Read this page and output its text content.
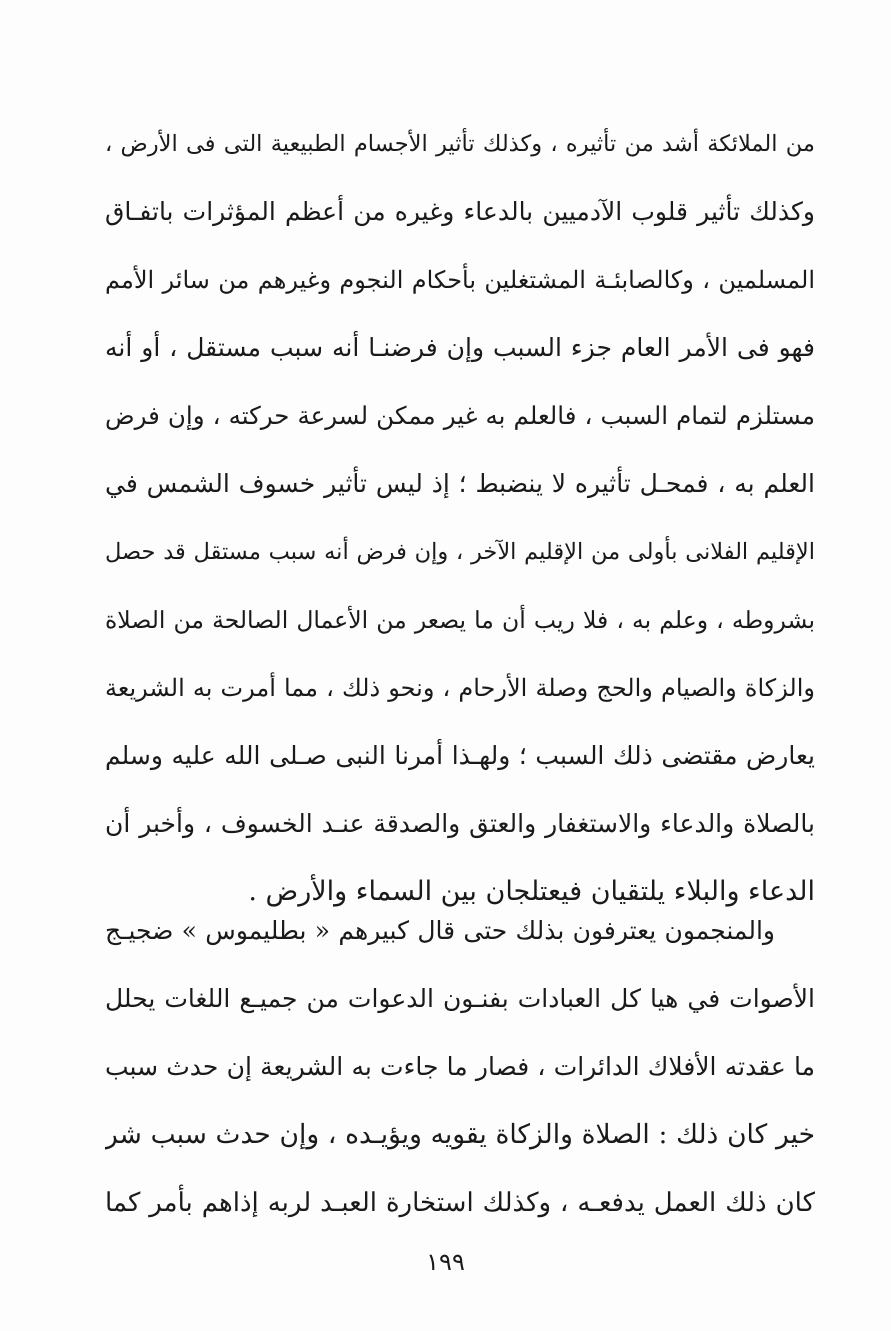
من الملائكة أشد من تأثيره ، وكذلك تأثير الأجسام الطبيعية التى فى الأرض ،
وكذلك تأثير قلوب الآدميين بالدعاء وغيره من أعظم المؤثرات باتفـاق
المسلمين ، وكالصابئـة المشتغلين بأحكام النجوم وغيرهم من سائر الأمم
فهو فى الأمر العام جزء السبب وإن فرضنـا أنه سبب مستقل ، أو أنه
مستلزم لتمام السبب ، فالعلم به غير ممكن لسرعة حركته ، وإن فرض
العلم به ، فمحـل تأثيره لا ينضبط ؛ إذ ليس تأثير خسوف الشمس في
الإقليم الفلانى بأولى من الإقليم الآخر ، وإن فرض أنه سبب مستقل قد حصل
بشروطه ، وعلم به ، فلا ريب أن ما يصعر من الأعمال الصالحة من الصلاة
والزكاة والصيام والحج وصلة الأرحام ، ونحو ذلك ، مما أمرت به الشريعة
يعارض مقتضى ذلك السبب ؛ ولهـذا أمرنا النبى صـلى الله عليه وسلم
بالصلاة والدعاء والاستغفار والعتق والصدقة عنـد الخسوف ، وأخبر أن
الدعاء والبلاء يلتقيان فيعتلجان بين السماء والأرض .
والمنجمون يعترفون بذلك حتى قال كبيرهم « بطليموس » ضجيـج
الأصوات في هيا كل العبادات بفنـون الدعوات من جميـع اللغات يحلل
ما عقدته الأفلاك الدائرات ، فصار ما جاءت به الشريعة إن حدث سبب
خير كان ذلك : الصلاة والزكاة يقويه ويؤيـده ، وإن حدث سبب شر
كان ذلك العمل يدفعـه ، وكذلك استخارة العبـد لربه إذاهم بأمر كما
١٩٩
